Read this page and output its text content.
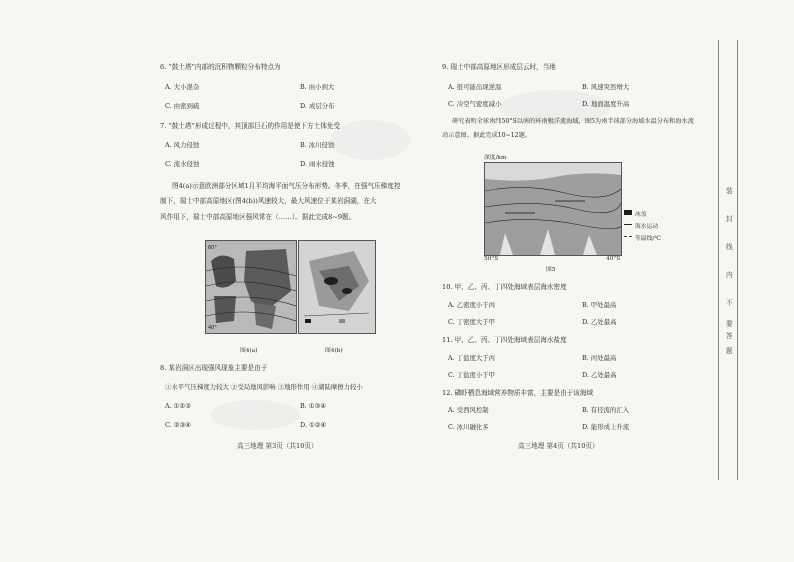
6. “鼓土塔”内部的沉积物颗粒分布特点为
A. 大小混杂	B. 由小到大
C. 由密到疏	D. 成层分布
7. “鼓土塔”形成过程中，其顶部巨石的作用是使下方土体免受
A. 风力侵蚀	B. 冰川侵蚀
C. 流水侵蚀	D. 雨水侵蚀
图4(a)示意欧洲部分区域1月平均海平面气压分布形势。冬季，在强气压梯度控
制下，瑞士中部高原地区(图4(b))风速较大，最大风速位于某岩洞湖，在大
风作用下，瑞士中部高原地区强风常在（……）。据此完成8~9题。
60°
40°
图4(a)	图4(b)
8. 某岩洞区出现强风现象主要是由于
①水平气压梯度力较大 ②受局地风影响 ③地形作用 ④湖陆摩擦力较小
A. ①②③	B. ①③④
C. ②③④	D. ①②④
高三地理 第3页（共10页）
9. 瑞士中部高原地区形成层云时，当地
A. 很可能出现逆温	B. 风速突然增大
C. 冷空气密度减小	D. 地面温度升高
研究表明全球南纬50°S以南的环南极洋流海域，图5为南半球部分海域水温分布和海水流
动示意图。据此完成10~12题。
深度/km
冰盖
海水运动
等温线/℃
50°S	40°S
图5
10. 甲、乙、丙、丁四处海域表层海水密度
A. 乙密度小于丙	B. 甲处最高
C. 丁密度大于甲	D. 乙处最高
11. 甲、乙、丙、丁四处海域表层海水盐度
A. 丁盐度大于丙	B. 丙处最高
C. 丁盐度小于甲	D. 乙处最高
12. 磷虾栖息海域营养物质丰富，主要是由于该海域
A. 受西风控制	B. 有径流的汇入
C. 冰川融化多	D. 能形成上升流
高三地理 第4页（共10页）
装
封
线
内
不
要
答
题
